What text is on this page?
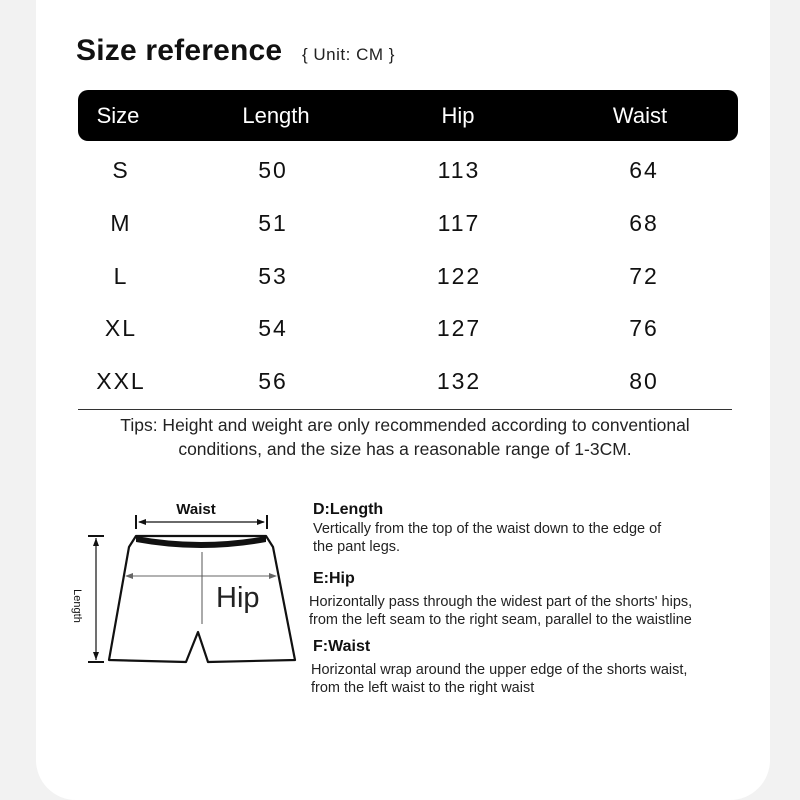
Size reference { Unit: CM }
Size	Length	Hip	Waist
S	50	113	64
M	51	117	68
L	53	122	72
XL	54	127	76
XXL	56	132	80
Tips: Height and weight are only recommended according to conventional
conditions, and the size has a reasonable range of 1-3CM.
Waist
Length	Hip
D:Length
Vertically from the top of the waist down to the edge of
the pant legs.
E:Hip
Horizontally pass through the widest part of the shorts' hips,
from the left seam to the right seam, parallel to the waistline
F:Waist
Horizontal wrap around the upper edge of the shorts waist,
from the left waist to the right waist
